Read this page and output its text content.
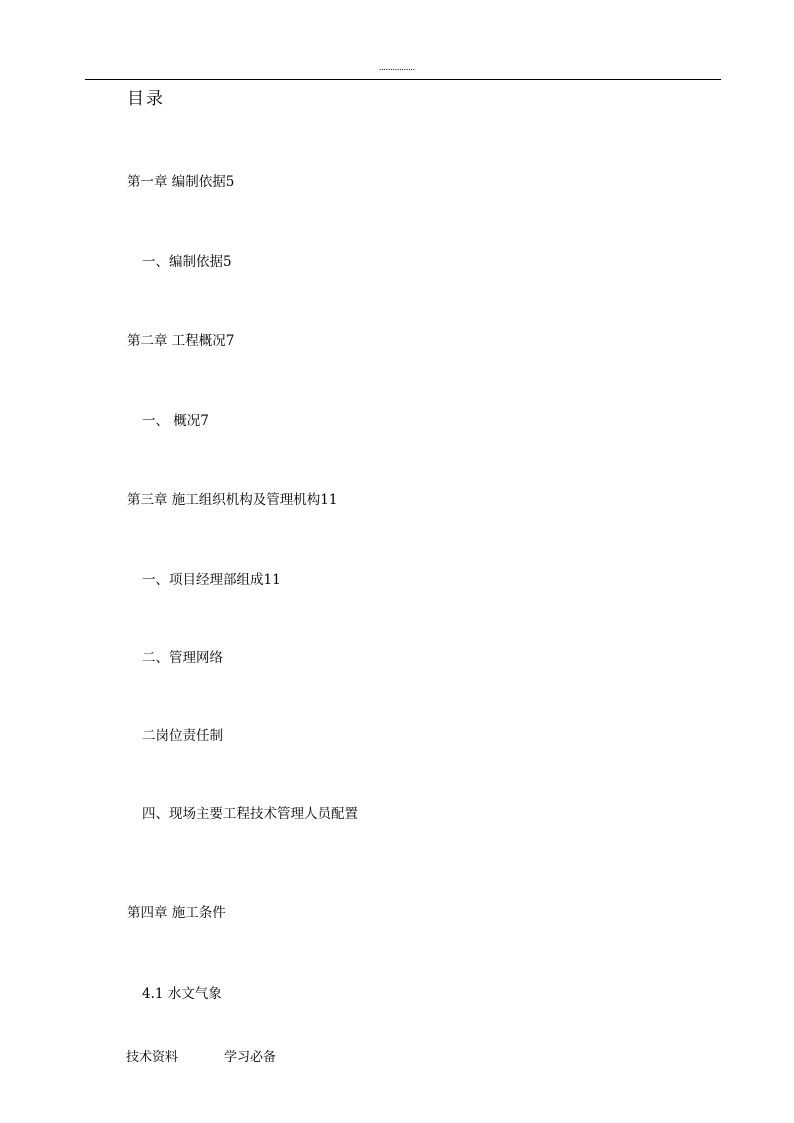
................
目录
第一章 编制依据5
一、编制依据5
第二章 工程概况7
一、 概况7
第三章 施工组织机构及管理机构11
一、项目经理部组成11
二、管理网络
二岗位责任制
四、现场主要工程技术管理人员配置
第四章 施工条件
4.1 水文气象
技术资料	学习必备
